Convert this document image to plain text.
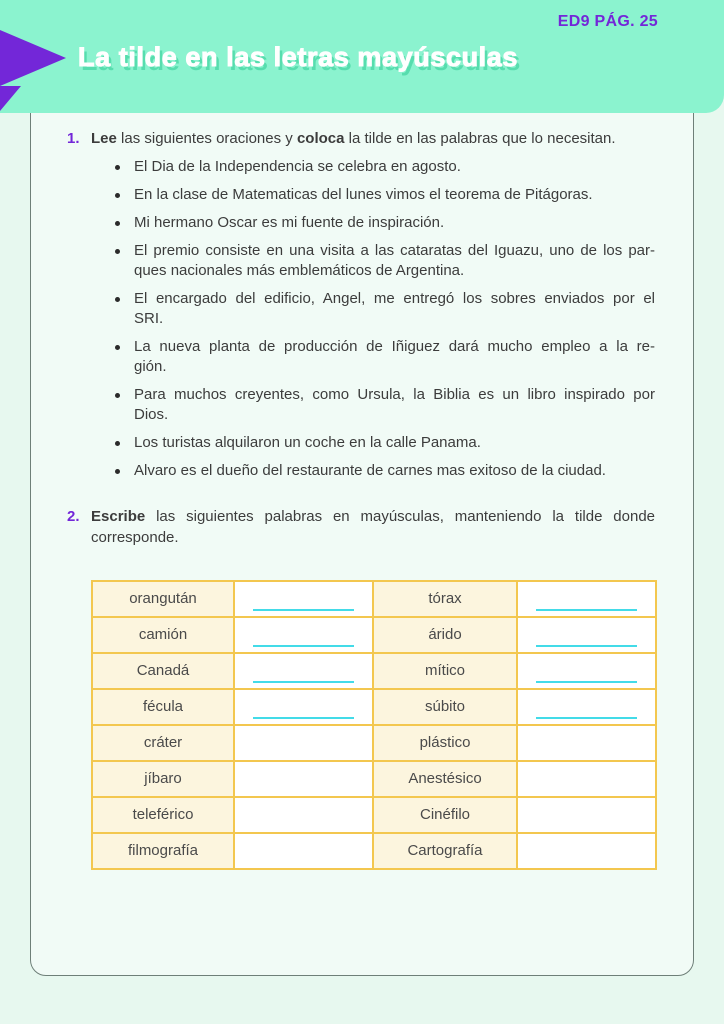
1. Lee las siguientes oraciones y coloca la tilde en las palabras que lo necesitan.

El Dia de la Independencia se celebra en agosto.
En la clase de Matematicas del lunes vimos el teorema de Pitágoras.
Mi hermano Oscar es mi fuente de inspiración.
El premio consiste en una visita a las cataratas del Iguazu, uno de los par-
ques nacionales más emblemáticos de Argentina.
El encargado del edificio, Angel, me entregó los sobres enviados por el
SRI.
La nueva planta de producción de Iñiguez dará mucho empleo a la re-
gión.
Para muchos creyentes, como Ursula, la Biblia es un libro inspirado por
Dios.
Los turistas alquilaron un coche en la calle Panama.
Alvaro es el dueño del restaurante de carnes mas exitoso de la ciudad.
2. Escribe las siguientes palabras en mayúsculas, manteniendo la tilde donde corresponde.

orangután		tórax	

camión		árido	

Canadá		mítico	

fécula		súbito	

cráter		plástico	
jíbaro		Anestésico	
teleférico		Cinéfilo	
filmografía		Cartografía	
La tilde en las letras mayúsculas
ED9 PÁG. 25
